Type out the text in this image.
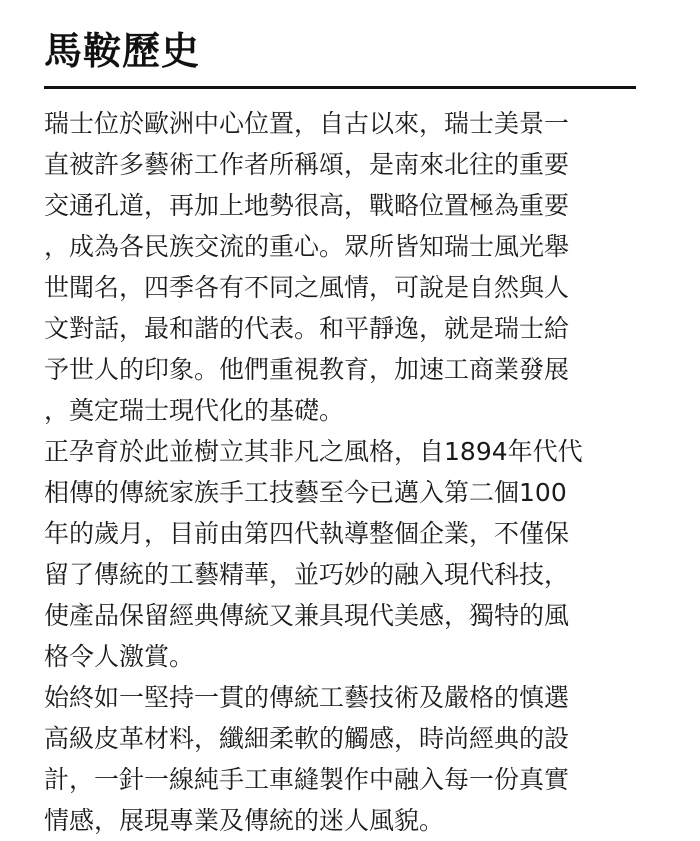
馬鞍歷史
瑞士位於歐洲中心位置，自古以來，瑞士美景一
直被許多藝術工作者所稱頌，是南來北往的重要
交通孔道，再加上地勢很高，戰略位置極為重要
，成為各民族交流的重心。眾所皆知瑞士風光舉
世聞名，四季各有不同之風情，可說是自然與人
文對話，最和諧的代表。和平靜逸，就是瑞士給
予世人的印象。他們重視教育，加速工商業發展
，奠定瑞士現代化的基礎。
正孕育於此並樹立其非凡之風格，自1894年代代
相傳的傳統家族手工技藝至今已邁入第二個100
年的歲月，目前由第四代執導整個企業，不僅保
留了傳統的工藝精華，並巧妙的融入現代科技，
使產品保留經典傳統又兼具現代美感，獨特的風
格令人激賞。
始終如一堅持一貫的傳統工藝技術及嚴格的慎選
高級皮革材料，纖細柔軟的觸感，時尚經典的設
計，一針一線純手工車縫製作中融入每一份真實
情感，展現專業及傳統的迷人風貌。
